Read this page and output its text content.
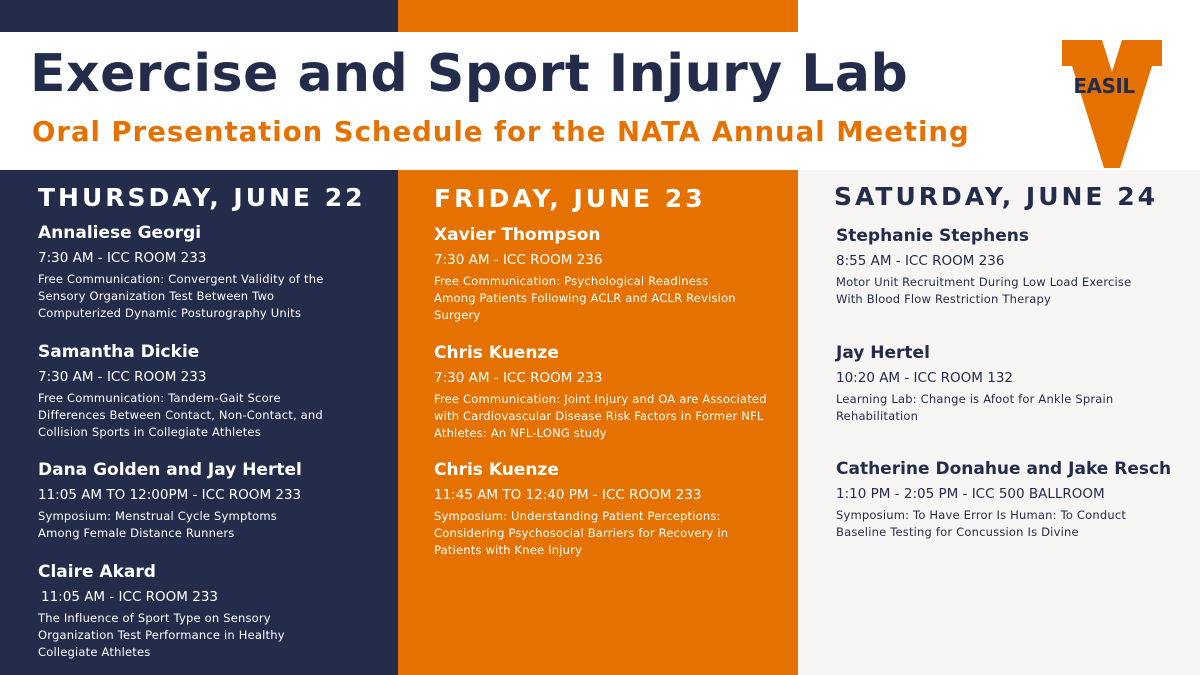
Exercise and Sport Injury Lab
Oral Presentation Schedule for the NATA Annual Meeting
EASIL
THURSDAY, JUNE 22
Annaliese Georgi
7:30 AM - ICC ROOM 233
Free Communication: Convergent Validity of the Sensory Organization Test Between Two Computerized Dynamic Posturography Units
Samantha Dickie
7:30 AM - ICC ROOM 233
Free Communication: Tandem-Gait Score Differences Between Contact, Non-Contact, and Collision Sports in Collegiate Athletes
Dana Golden and Jay Hertel
11:05 AM TO 12:00PM - ICC ROOM 233
Symposium: Menstrual Cycle Symptoms Among Female Distance Runners
Claire Akard
11:05 AM - ICC ROOM 233
The Influence of Sport Type on Sensory Organization Test Performance in Healthy Collegiate Athletes
FRIDAY, JUNE 23
Xavier Thompson
7:30 AM - ICC ROOM 236
Free Communication: Psychological Readiness Among Patients Following ACLR and ACLR Revision Surgery
Chris Kuenze
7:30 AM - ICC ROOM 233
Free Communication: Joint Injury and OA are Associated with Cardiovascular Disease Risk Factors in Former NFL Athletes: An NFL-LONG study
Chris Kuenze
11:45 AM TO 12:40 PM - ICC ROOM 233
Symposium: Understanding Patient Perceptions: Considering Psychosocial Barriers for Recovery in Patients with Knee Injury
SATURDAY, JUNE 24
Stephanie Stephens
8:55 AM - ICC ROOM 236
Motor Unit Recruitment During Low Load Exercise With Blood Flow Restriction Therapy
Jay Hertel
10:20 AM - ICC ROOM 132
Learning Lab: Change is Afoot for Ankle Sprain Rehabilitation
Catherine Donahue and Jake Resch
1:10 PM - 2:05 PM - ICC 500 BALLROOM
Symposium: To Have Error Is Human: To Conduct Baseline Testing for Concussion Is Divine
